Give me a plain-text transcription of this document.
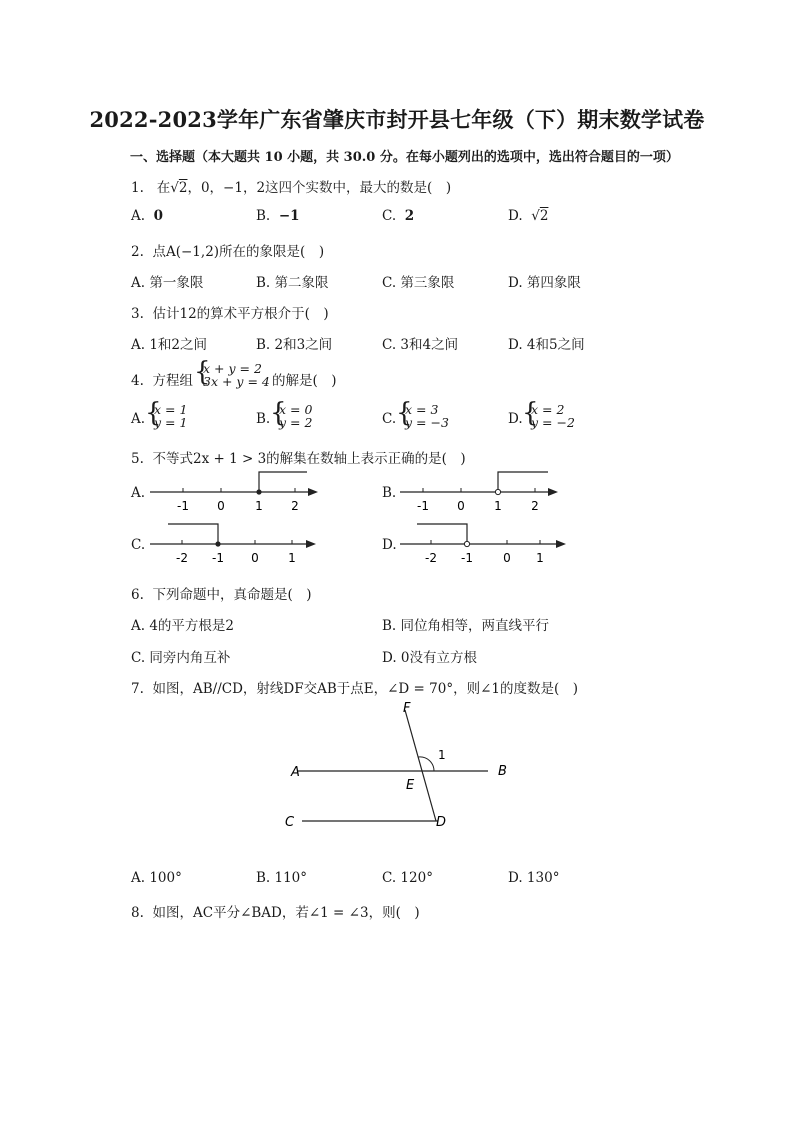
2022-2023学年广东省肇庆市封开县七年级（下）期末数学试卷
一、选择题（本大题共 10 小题，共 30.0 分。在每小题列出的选项中，选出符合题目的一项）
1. 在√2，0，−1，2这四个实数中，最大的数是(　)
A. 0	B. −1	C. 2	D.  √2
2. 点A(−1,2)所在的象限是(　)
A. 第一象限	B. 第二象限	C. 第三象限	D. 第四象限
3. 估计12的算术平方根介于(　)
A. 1和2之间	B. 2和3之间	C. 3和4之间	D. 4和5之间
4. 方程组 {
x + y = 2
3x + y = 4 的解是(　)
A. {
x = 1
y = 1	B. {
x = 0
y = 2	C. {
x = 3
y = −3	D. {
x = 2
y = −2
5. 不等式2x + 1 > 3的解集在数轴上表示正确的是(　)
A.
-1 0	1 2
B.
-1 0 1 2
C.
-2 -1 0 1
D.
-2 -1	0 1
6. 下列命题中，真命题是(　)
A. 4的平方根是2	B. 同位角相等，两直线平行
C. 同旁内角互补	D. 0没有立方根
7. 如图，AB//CD，射线DF交AB于点E，∠D = 70°，则∠1的度数是(　)
F
A	B
E
C	D
1
A. 100°	B. 110°	C. 120°	D. 130°
8. 如图，AC平分∠BAD，若∠1 = ∠3，则(　)
